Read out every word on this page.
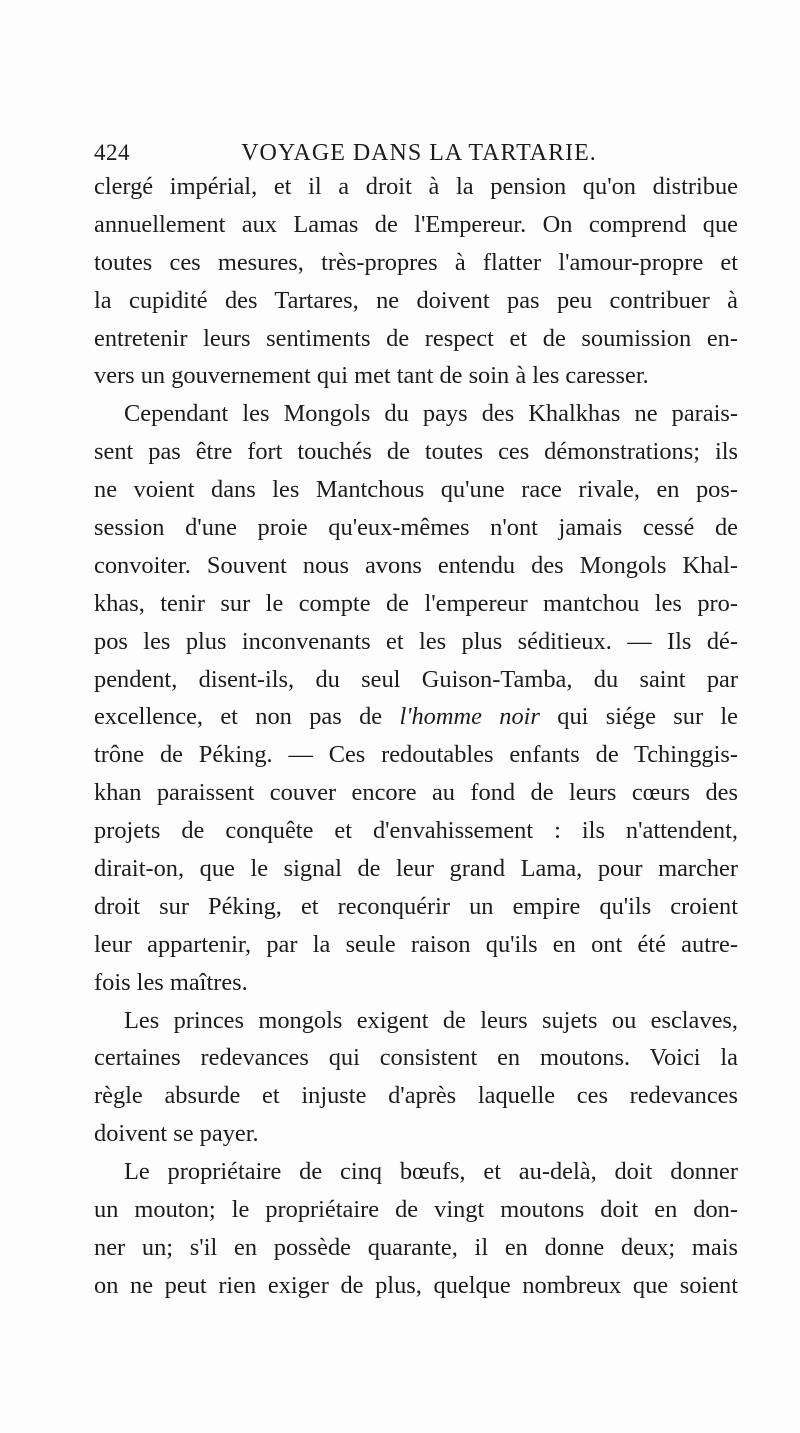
424	VOYAGE DANS LA TARTARIE.
clergé impérial, et il a droit à la pension qu'on distribue
annuellement aux Lamas de l'Empereur. On comprend que
toutes ces mesures, très-propres à flatter l'amour-propre et
la cupidité des Tartares, ne doivent pas peu contribuer à
entretenir leurs sentiments de respect et de soumission en-
vers un gouvernement qui met tant de soin à les caresser.
Cependant les Mongols du pays des Khalkhas ne parais-
sent pas être fort touchés de toutes ces démonstrations; ils
ne voient dans les Mantchous qu'une race rivale, en pos-
session d'une proie qu'eux-mêmes n'ont jamais cessé de
convoiter. Souvent nous avons entendu des Mongols Khal-
khas, tenir sur le compte de l'empereur mantchou les pro-
pos les plus inconvenants et les plus séditieux. — Ils dé-
pendent, disent-ils, du seul Guison-Tamba, du saint par
excellence, et non pas de l'homme noir qui siége sur le
trône de Péking. — Ces redoutables enfants de Tchinggis-
khan paraissent couver encore au fond de leurs cœurs des
projets de conquête et d'envahissement : ils n'attendent,
dirait-on, que le signal de leur grand Lama, pour marcher
droit sur Péking, et reconquérir un empire qu'ils croient
leur appartenir, par la seule raison qu'ils en ont été autre-
fois les maîtres.
Les princes mongols exigent de leurs sujets ou esclaves,
certaines redevances qui consistent en moutons. Voici la
règle absurde et injuste d'après laquelle ces redevances
doivent se payer.
Le propriétaire de cinq bœufs, et au-delà, doit donner
un mouton; le propriétaire de vingt moutons doit en don-
ner un; s'il en possède quarante, il en donne deux; mais
on ne peut rien exiger de plus, quelque nombreux que soient
